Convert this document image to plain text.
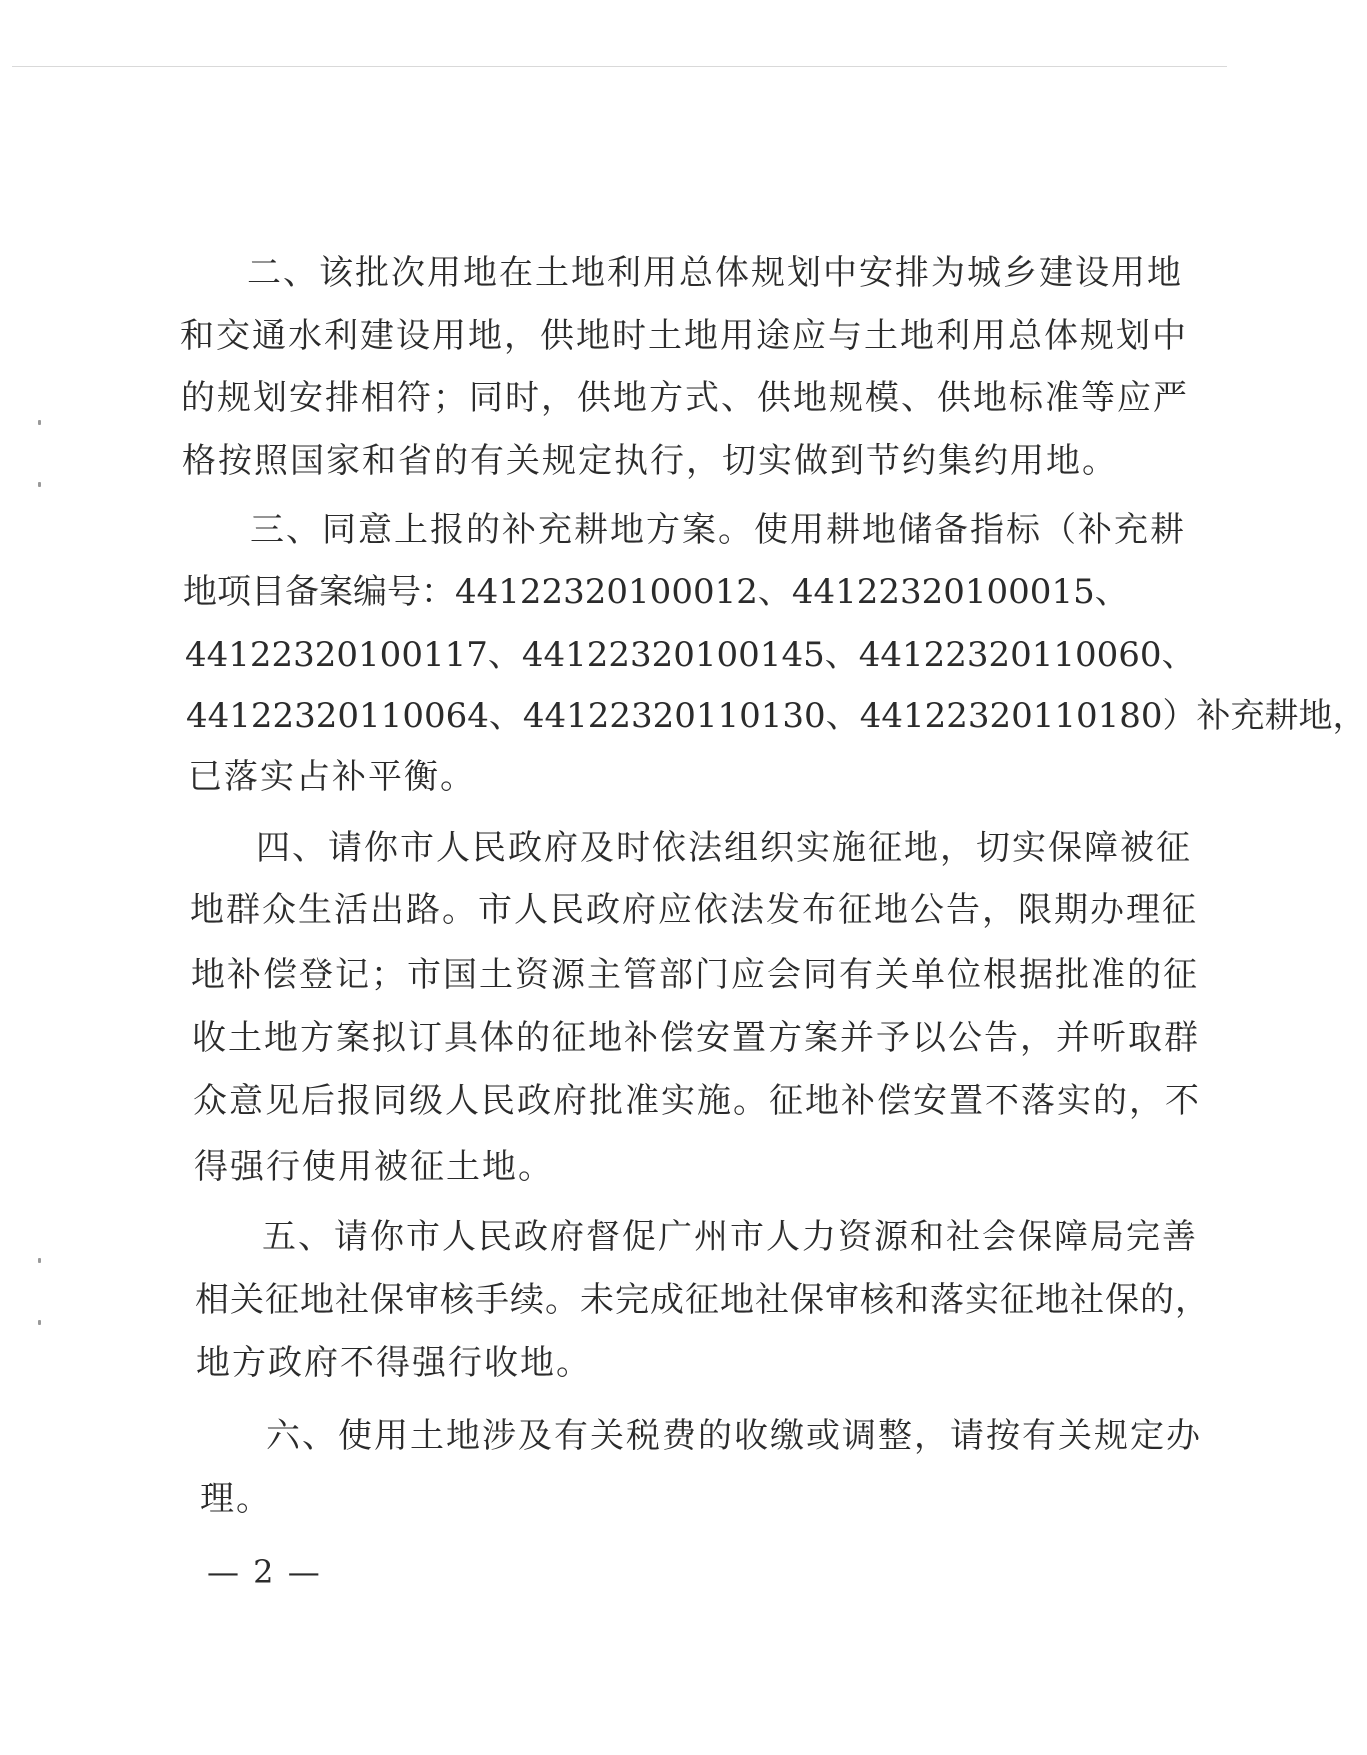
二、该批次用地在土地利用总体规划中安排为城乡建设用地
和交通水利建设用地，供地时土地用途应与土地利用总体规划中
的规划安排相符；同时，供地方式、供地规模、供地标准等应严
格按照国家和省的有关规定执行，切实做到节约集约用地。
三、同意上报的补充耕地方案。使用耕地储备指标（补充耕
地 项 目 备 案 编 号 ： 44122320100012 、 44122320100015 、
44122320100117 、 44122320100145 、 44122320110060 、
44122320110064、44122320110130、44122320110180）补充耕地，
已落实占补平衡。
四、请你市人民政府及时依法组织实施征地，切实保障被征
地群众生活出路。市人民政府应依法发布征地公告，限期办理征
地补偿登记；市国土资源主管部门应会同有关单位根据批准的征
收土地方案拟订具体的征地补偿安置方案并予以公告，并听取群
众意见后报同级人民政府批准实施。征地补偿安置不落实的，不
得强行使用被征土地。
五、请你市人民政府督促广州市人力资源和社会保障局完善
相关征地社保审核手续。未完成征地社保审核和落实征地社保的，
地方政府不得强行收地。
六、使用土地涉及有关税费的收缴或调整，请按有关规定办
理。
— 2 —
